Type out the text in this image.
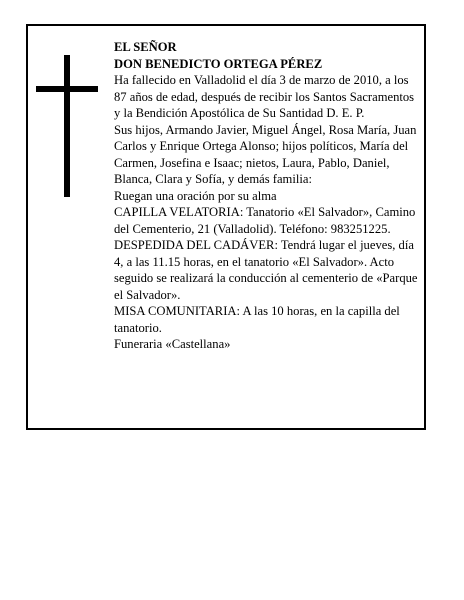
EL SEÑOR

DON BENEDICTO ORTEGA PÉREZ

Ha fallecido en Valladolid el día 3 de marzo de 2010, a los 87 años de edad, después de recibir los Santos Sacramentos y la Bendición Apostólica de Su Santidad D. E. P.

Sus hijos, Armando Javier, Miguel Ángel, Rosa María, Juan Carlos y Enrique Ortega Alonso; hijos políticos, María del Carmen, Josefina e Isaac; nietos, Laura, Pablo, Daniel, Blanca, Clara y Sofía, y demás familia:

Ruegan una oración por su alma

CAPILLA VELATORIA: Tanatorio «El Salvador», Camino del Cementerio, 21 (Valladolid). Teléfono: 983251225. DESPEDIDA DEL CADÁVER: Tendrá lugar el jueves, día 4, a las 11.15 horas, en el tanatorio «El Salvador». Acto seguido se realizará la conducción al cementerio de «Parque el Salvador».

MISA COMUNITARIA: A las 10 horas, en la capilla del tanatorio.

Funeraria «Castellana»
